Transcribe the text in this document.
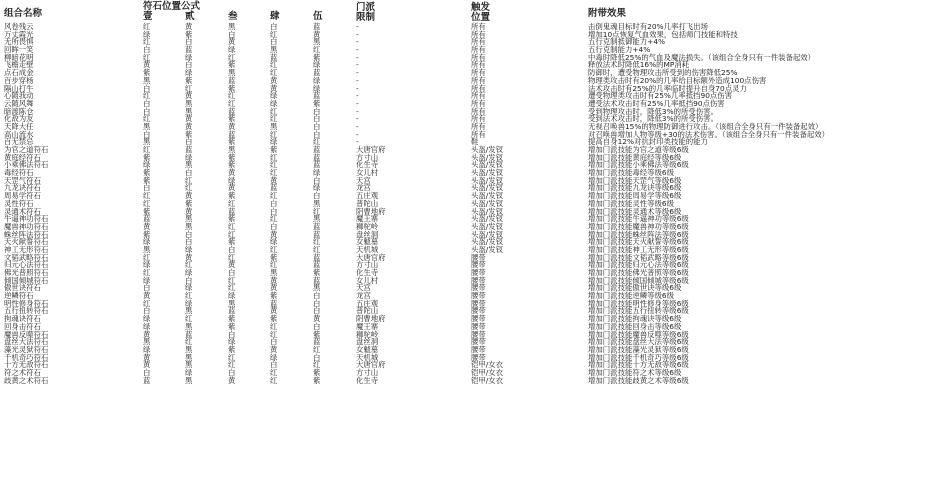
组合名称
符石位置公式
壹	贰	叁	肆	伍
门派
限制
触发
位置	附带效果
风卷残云	红	黄	黑	白	蓝	-	所有	击倒鬼魂目标时有20%几率打飞出场
万丈霞光	绿	紫	白	红	黄	-	所有	增加10点恢复气血效果，包括师门技能和特技
无所畏惧	红	白	黄	白	黑	-	所有	五行克制抵御能力+4%
回眸一笑	白	蓝	绿	黑	红	-	所有	五行克制能力+4%
柳暗花明	红	绿	红	蓝	紫	-	所有	中毒时降低25%的气血及魔法损失。（该组合全身只有一件装备起效）
飞檐走壁	黄	白	紫	红	绿	-	所有	释放法术时降低16%的MP消耗
点石成金	紫	绿	黑	红	蓝	-	所有	防御时，遭受物理攻击所受到的伤害降低25%
百步穿杨	黑	紫	蓝	黄	绿	-	所有	物理类攻击时有20%的几率给目标额外造成100点伤害
隔山打牛	白	红	紫	黄	绿	-	所有	法术攻击时有25%的几率临时提升自身70点灵力
心随我动	红	黄	红	绿	蓝	-	所有	遭受物理类攻击时有25%几率抵挡90点伤害
云随风舞	白	黑	红	绿	紫	-	所有	遭受法术攻击时有25%几率抵挡90点伤害
暗渡陈仓	白	黑	蓝	红	白	-	所有	受到物理攻击时，降低3%的所受伤害。
化敌为友	红	黄	紫	红	白	-	所有	受到法术攻击时，降低3%的所受伤害。
天降大任	黑	黄	黄	黑	白	-	所有	无视召唤兽15%的物理防御进行攻击。（该组合全身只有一件装备起效）
高山流水	白	紫	蓝	红	白	-	所有	对召唤兽增加人物等级+30的法术伤害。（该组合全身只有一件装备起效）
百无禁忌	黑	白	紫	绿	红	-	鞋	提高自身12%对抗封印类技能的能力
为官之道符石	红	蓝	黑	紫	蓝	大唐官府	头盔/发钗	增加门派技能为官之道等级6级
黄庭经符石	紫	绿	紫	红	蓝	方寸山	头盔/发钗	增加门派技能黄庭经等级6级
小乘佛法符石	绿	黑	紫	红	蓝	化生寺	头盔/发钗	增加门派技能小乘佛法等级6级
毒经符石	紫	白	黄	红	绿	女儿村	头盔/发钗	增加门派技能毒经等级6级
天罡气符石	紫	红	绿	黄	白	天宫	头盔/发钗	增加门派技能天罡气等级6级
九龙诀符石	白	红	黄	蓝	绿	龙宫	头盔/发钗	增加门派技能九龙诀等级6级
周易学符石	红	黄	紫	红	白	五庄观	头盔/发钗	增加门派技能周易学等级6级
灵性符石	红	紫	红	白	黑	普陀山	头盔/发钗	增加门派技能灵性等级6级
灵通术符石	紫	黄	蓝	白	红	阴曹地府	头盔/发钗	增加门派技能灵通术等级6级
牛逼神功符石	蓝	黑	紫	红	黑	魔王寨	头盔/发钗	增加门派技能牛逼神功等级6级
魔兽神功符石	黄	黑	红	白	蓝	狮驼岭	头盔/发钗	增加门派技能魔兽神功等级6级
蛛丝阵法符石	紫	白	红	黄	蓝	盘丝洞	头盔/发钗	增加门派技能蛛丝阵法等级6级
天火献誓符石	绿	白	紫	绿	红	女魃墓	头盔/发钗	增加门派技能天火献誓等级6级
神工无形符石	黑	绿	白	红	红	天机城	头盔/发钗	增加门派技能神工无形等级6级
文韬武略符石	红	黄	红	紫	蓝	大唐官府	腰带	增加门派技能文韬武略等级6级
归元心法符石	绿	红	黄	红	蓝	方寸山	腰带	增加门派技能归元心法等级6级
佛光普照符石	红	绿	白	黑	紫	化生寺	腰带	增加门派技能佛光普照等级6级
倾国倾城符石	绿	白	红	黄	蓝	女儿村	腰带	增加门派技能倾国倾城等级6级
傲世诀符石	白	绿	红	黄	黑	天宫	腰带	增加门派技能傲世诀等级6级
逆鳞符石	黄	红	绿	紫	白	龙宫	腰带	增加门派技能逆鳞等级6级
明性修身符石	红	绿	黑	蓝	白	五庄观	腰带	增加门派技能明性修身等级6级
五行扭转符石	白	黑	蓝	黄	白	普陀山	腰带	增加门派技能五行扭转等级6级
拘魂诀符石	绿	红	紫	紫	黄	阴曹地府	腰带	增加门派技能拘魂诀等级6级
回身击符石	绿	黑	紫	红	白	魔王寨	腰带	增加门派技能回身击等级6级
魔兽反噬符石	黄	蓝	白	红	紫	狮驼岭	腰带	增加门派技能魔兽反噬等级6级
盘丝大法符石	黑	红	绿	白	蓝	盘丝洞	腰带	增加门派技能盘丝大法等级6级
藻光灵狱符石	绿	黑	紫	黄	红	女魃墓	腰带	增加门派技能藻光灵狱等级6级
千机奇巧符石	黄	黑	红	绿	白	天机城	腰带	增加门派技能千机奇巧等级6级
十方无敌符石	黄	黑	红	白	红	大唐官府	铠甲/女衣	增加门派技能十方无敌等级6级
符之术符石	白	绿	白	红	紫	方寸山	铠甲/女衣	增加门派技能符之术等级6级
歧黄之术符石	蓝	黑	黄	红	紫	化生寺	铠甲/女衣	增加门派技能歧黄之术等级6级
